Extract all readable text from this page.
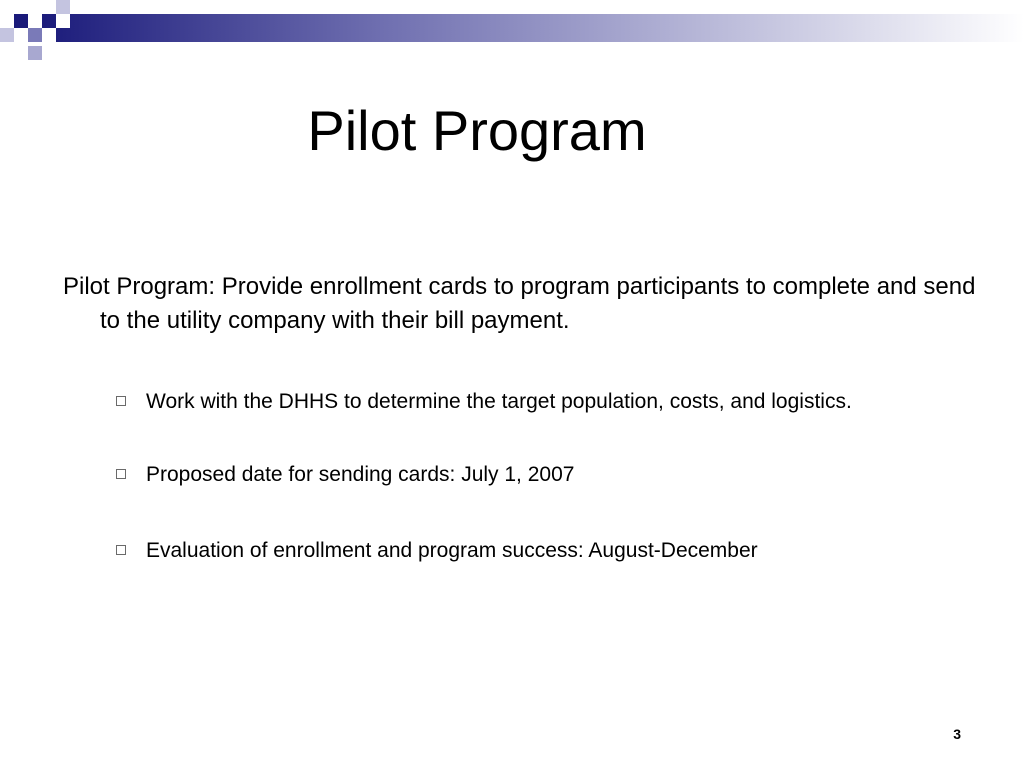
Pilot Program

Pilot Program: Provide enrollment cards to program participants to complete and send to the utility company with their bill payment.

Work with the DHHS to determine the target population, costs, and logistics.
Proposed date for sending cards: July 1, 2007
Evaluation of enrollment and program success: August-December
3
